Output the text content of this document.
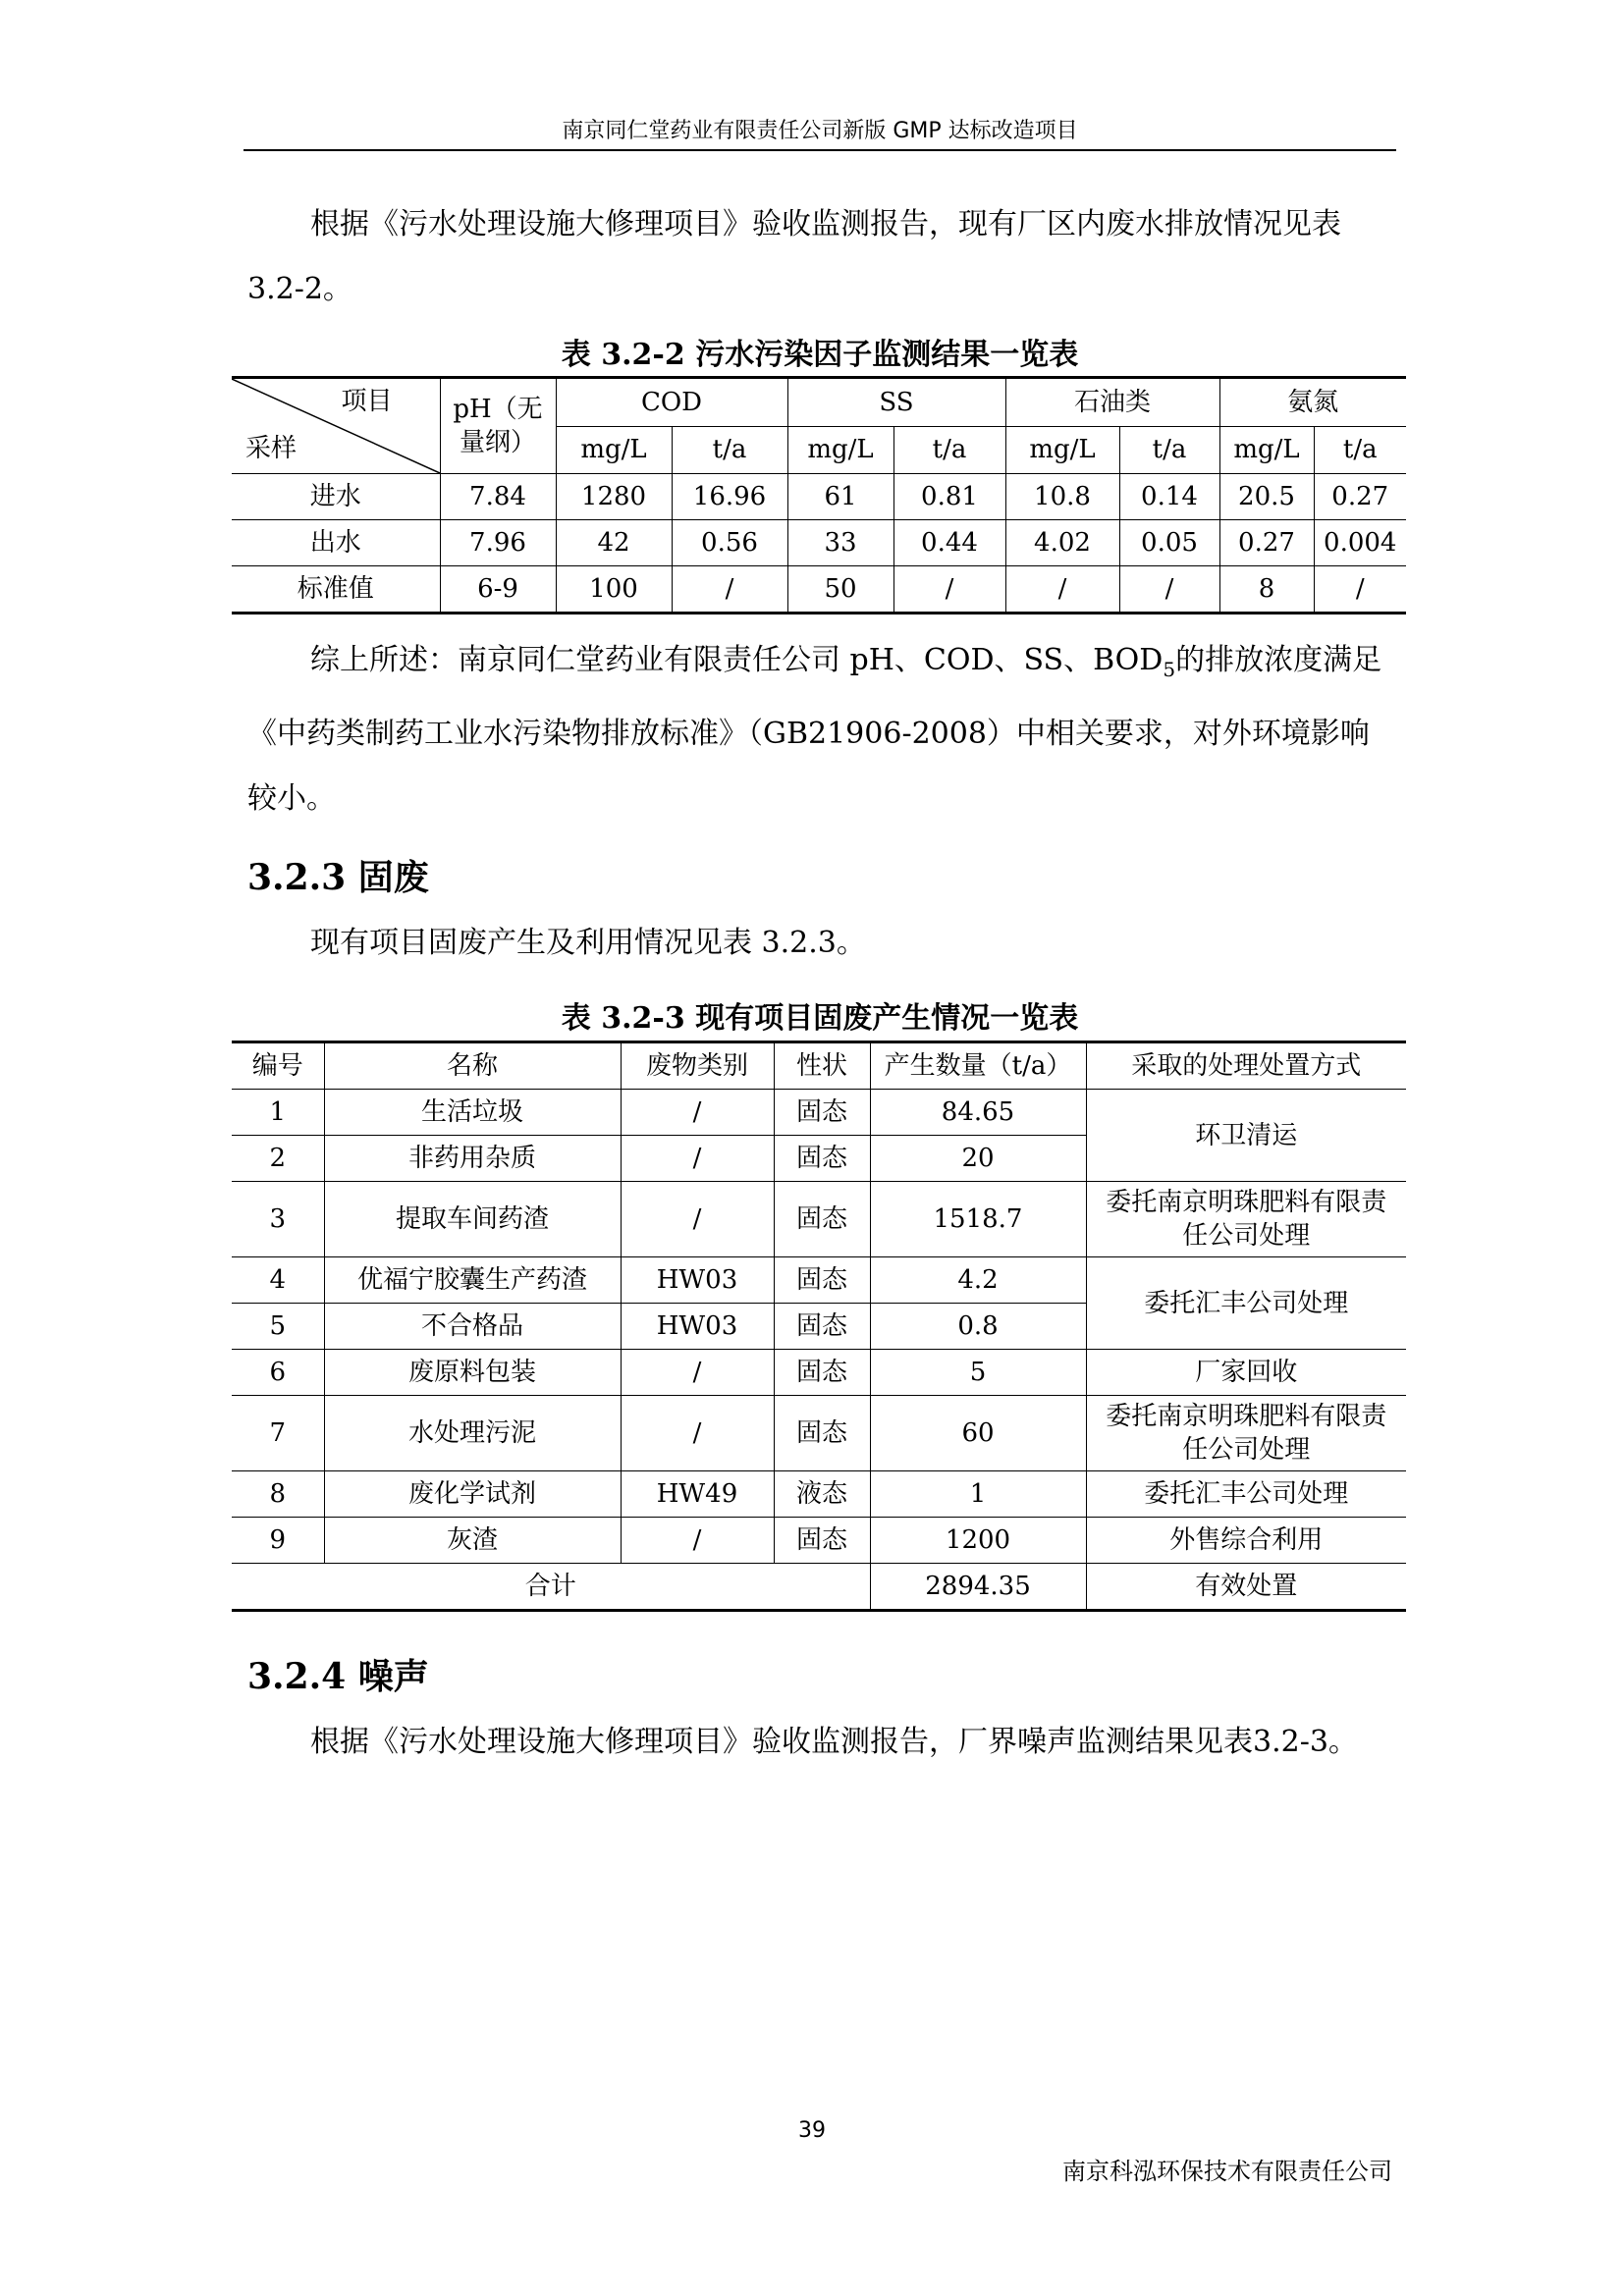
南京同仁堂药业有限责任公司新版 GMP 达标改造项目

根据《污水处理设施大修理项目》验收监测报告，现有厂区内废水排放情况见表 3.2-2。

表 3.2-2 污水污染因子监测结果一览表
项目
采样	pH（无量纲）	COD		SS		石油类		氨氮	
		mg/L	t/a	mg/L	t/a	mg/L	t/a	mg/L	t/a
进水	7.84	1280	16.96	61	0.81	10.8	0.14	20.5	0.27
出水	7.96	42	0.56	33	0.44	4.02	0.05	0.27	0.004
标准值	6-9	100	/	50	/	/	/	8	/

综上所述：南京同仁堂药业有限责任公司 pH、COD、SS、$BOD_5$的排放浓度满足《中药类制药工业水污染物排放标准》（GB21906-2008）中相关要求，对外环境影响较小。

3.2.3 固废

现有项目固废产生及利用情况见表 3.2.3。

表 3.2-3 现有项目固废产生情况一览表
编号	名称	废物类别	性状	产生数量（t/a）	采取的处理处置方式
1	生活垃圾	/	固态	84.65	环卫清运
2	非药用杂质	/	固态	20	
3	提取车间药渣	/	固态	1518.7	委托南京明珠肥料有限责任公司处理
4	优福宁胶囊生产药渣	HW03	固态	4.2	委托汇丰公司处理
5	不合格品	HW03	固态	0.8	
6	废原料包装	/	固态	5	厂家回收
7	水处理污泥	/	固态	60	委托南京明珠肥料有限责任公司处理
8	废化学试剂	HW49	液态	1	委托汇丰公司处理
9	灰渣	/	固态	1200	外售综合利用
合计				2894.35	有效处置
3.2.4 噪声

根据《污水处理设施大修理项目》验收监测报告，厂界噪声监测结果见表3.2-3。

39
南京科泓环保技术有限责任公司
